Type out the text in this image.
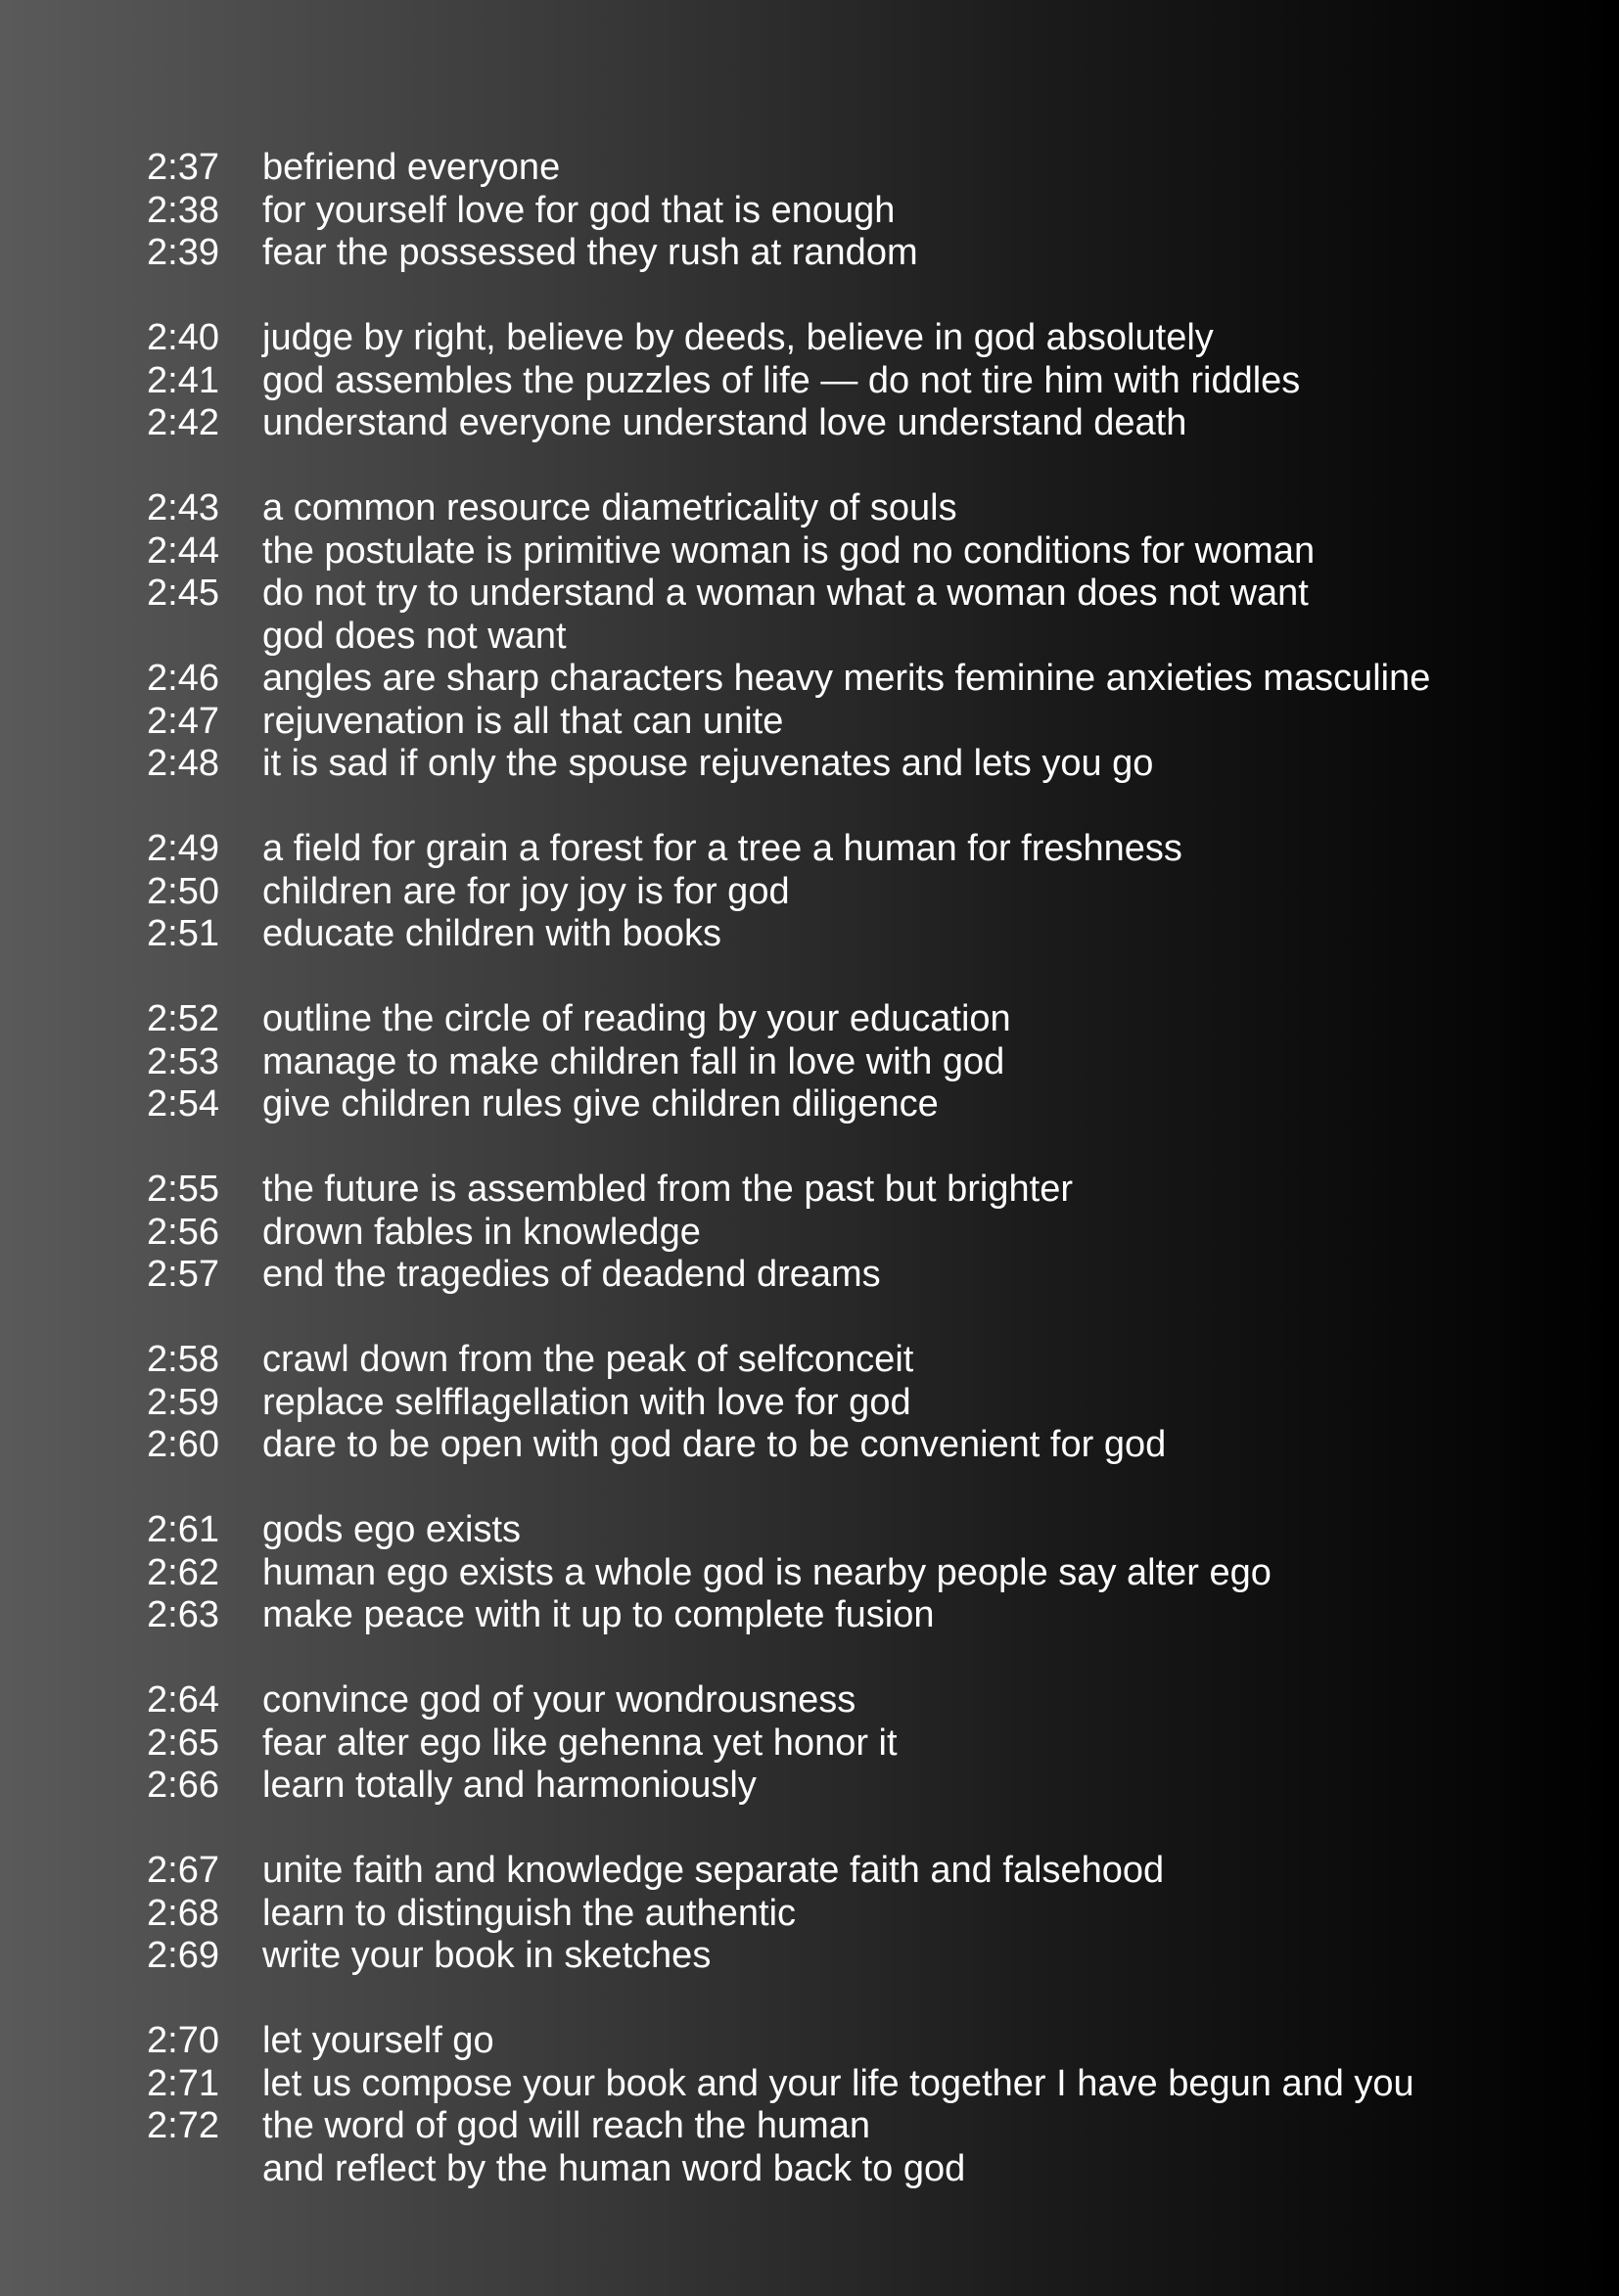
2:37	befriend everyone
2:38	for yourself love for god that is enough
2:39	fear the possessed they rush at random
2:40	judge by right, believe by deeds, believe in god absolutely
2:41	god assembles the puzzles of life — do not tire him with riddles
2:42	understand everyone understand love understand death
2:43	a common resource diametricality of souls
2:44	the postulate is primitive woman is god no conditions for woman
2:45	do not try to understand a woman what a woman does not want
god does not want
2:46	angles are sharp characters heavy merits feminine anxieties masculine
2:47	rejuvenation is all that can unite
2:48	it is sad if only the spouse rejuvenates and lets you go
2:49	a field for grain a forest for a tree a human for freshness
2:50	children are for joy joy is for god
2:51	educate children with books
2:52	outline the circle of reading by your education
2:53	manage to make children fall in love with god
2:54	give children rules give children diligence
2:55	the future is assembled from the past but brighter
2:56	drown fables in knowledge
2:57	end the tragedies of deadend dreams
2:58	crawl down from the peak of selfconceit
2:59	replace selfflagellation with love for god
2:60	dare to be open with god dare to be convenient for god
2:61	gods ego exists
2:62	human ego exists a whole god is nearby people say alter ego
2:63	make peace with it up to complete fusion
2:64	convince god of your wondrousness
2:65	fear alter ego like gehenna yet honor it
2:66	learn totally and harmoniously
2:67	unite faith and knowledge separate faith and falsehood
2:68	learn to distinguish the authentic
2:69	write your book in sketches
2:70	let yourself go
2:71	let us compose your book and your life together I have begun and you
2:72	the word of god will reach the human
and reflect by the human word back to god
